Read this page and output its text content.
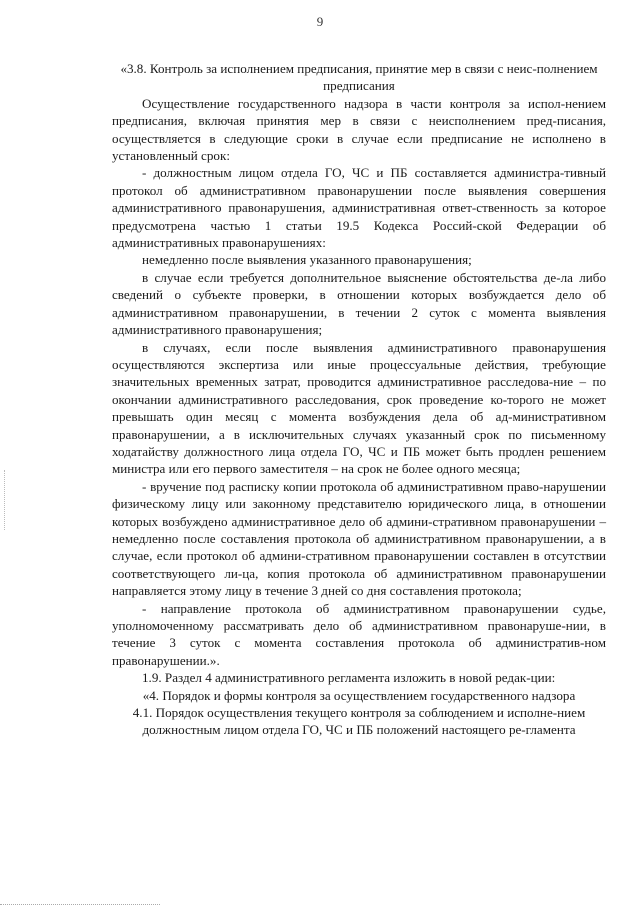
9

«3.8. Контроль за исполнением предписания, принятие мер в связи с неис-полнением предписания

Осуществление государственного надзора в части контроля за испол-нением предписания, включая принятия мер в связи с неисполнением пред-писания, осуществляется в следующие сроки в случае если предписание не исполнено в установленный срок:

- должностным лицом отдела ГО, ЧС и ПБ составляется администра-тивный протокол об административном правонарушении после выявления совершения административного правонарушения, административная ответ-ственность за которое предусмотрена частью 1 статьи 19.5 Кодекса Россий-ской Федерации об административных правонарушениях:

немедленно после выявления указанного правонарушения;

в случае если требуется дополнительное выяснение обстоятельства де-ла либо сведений о субъекте проверки, в отношении которых возбуждается дело об административном правонарушении, в течении 2 суток с момента выявления административного правонарушения;

в случаях, если после выявления административного правонарушения осуществляются экспертиза или иные процессуальные действия, требующие значительных временных затрат, проводится административное расследова-ние – по окончании административного расследования, срок проведение ко-торого не может превышать один месяц с момента возбуждения дела об ад-министративном правонарушении, а в исключительных случаях указанный срок по письменному ходатайству должностного лица отдела ГО, ЧС и ПБ может быть продлен решением министра или его первого заместителя – на срок не более одного месяца;

- вручение под расписку копии протокола об административном право-нарушении физическому лицу или законному представителю юридического лица, в отношении которых возбуждено административное дело об админи-стративном правонарушении – немедленно после составления протокола об административном правонарушении, а в случае, если протокол об админи-стративном правонарушении составлен в отсутствии соответствующего ли-ца, копия протокола об административном правонарушении направляется этому лицу в течение 3 дней со дня составления протокола;

- направление протокола об административном правонарушении судье, уполномоченному рассматривать дело об административном правонаруше-нии, в течение 3 суток с момента составления протокола об административ-ном правонарушении.».

1.9. Раздел 4 административного регламента изложить в новой редак-ции:

«4. Порядок и формы контроля за осуществлением государственного надзора

4.1. Порядок осуществления текущего контроля за соблюдением и исполне-нием должностным лицом отдела ГО, ЧС и ПБ положений настоящего ре-гламента
